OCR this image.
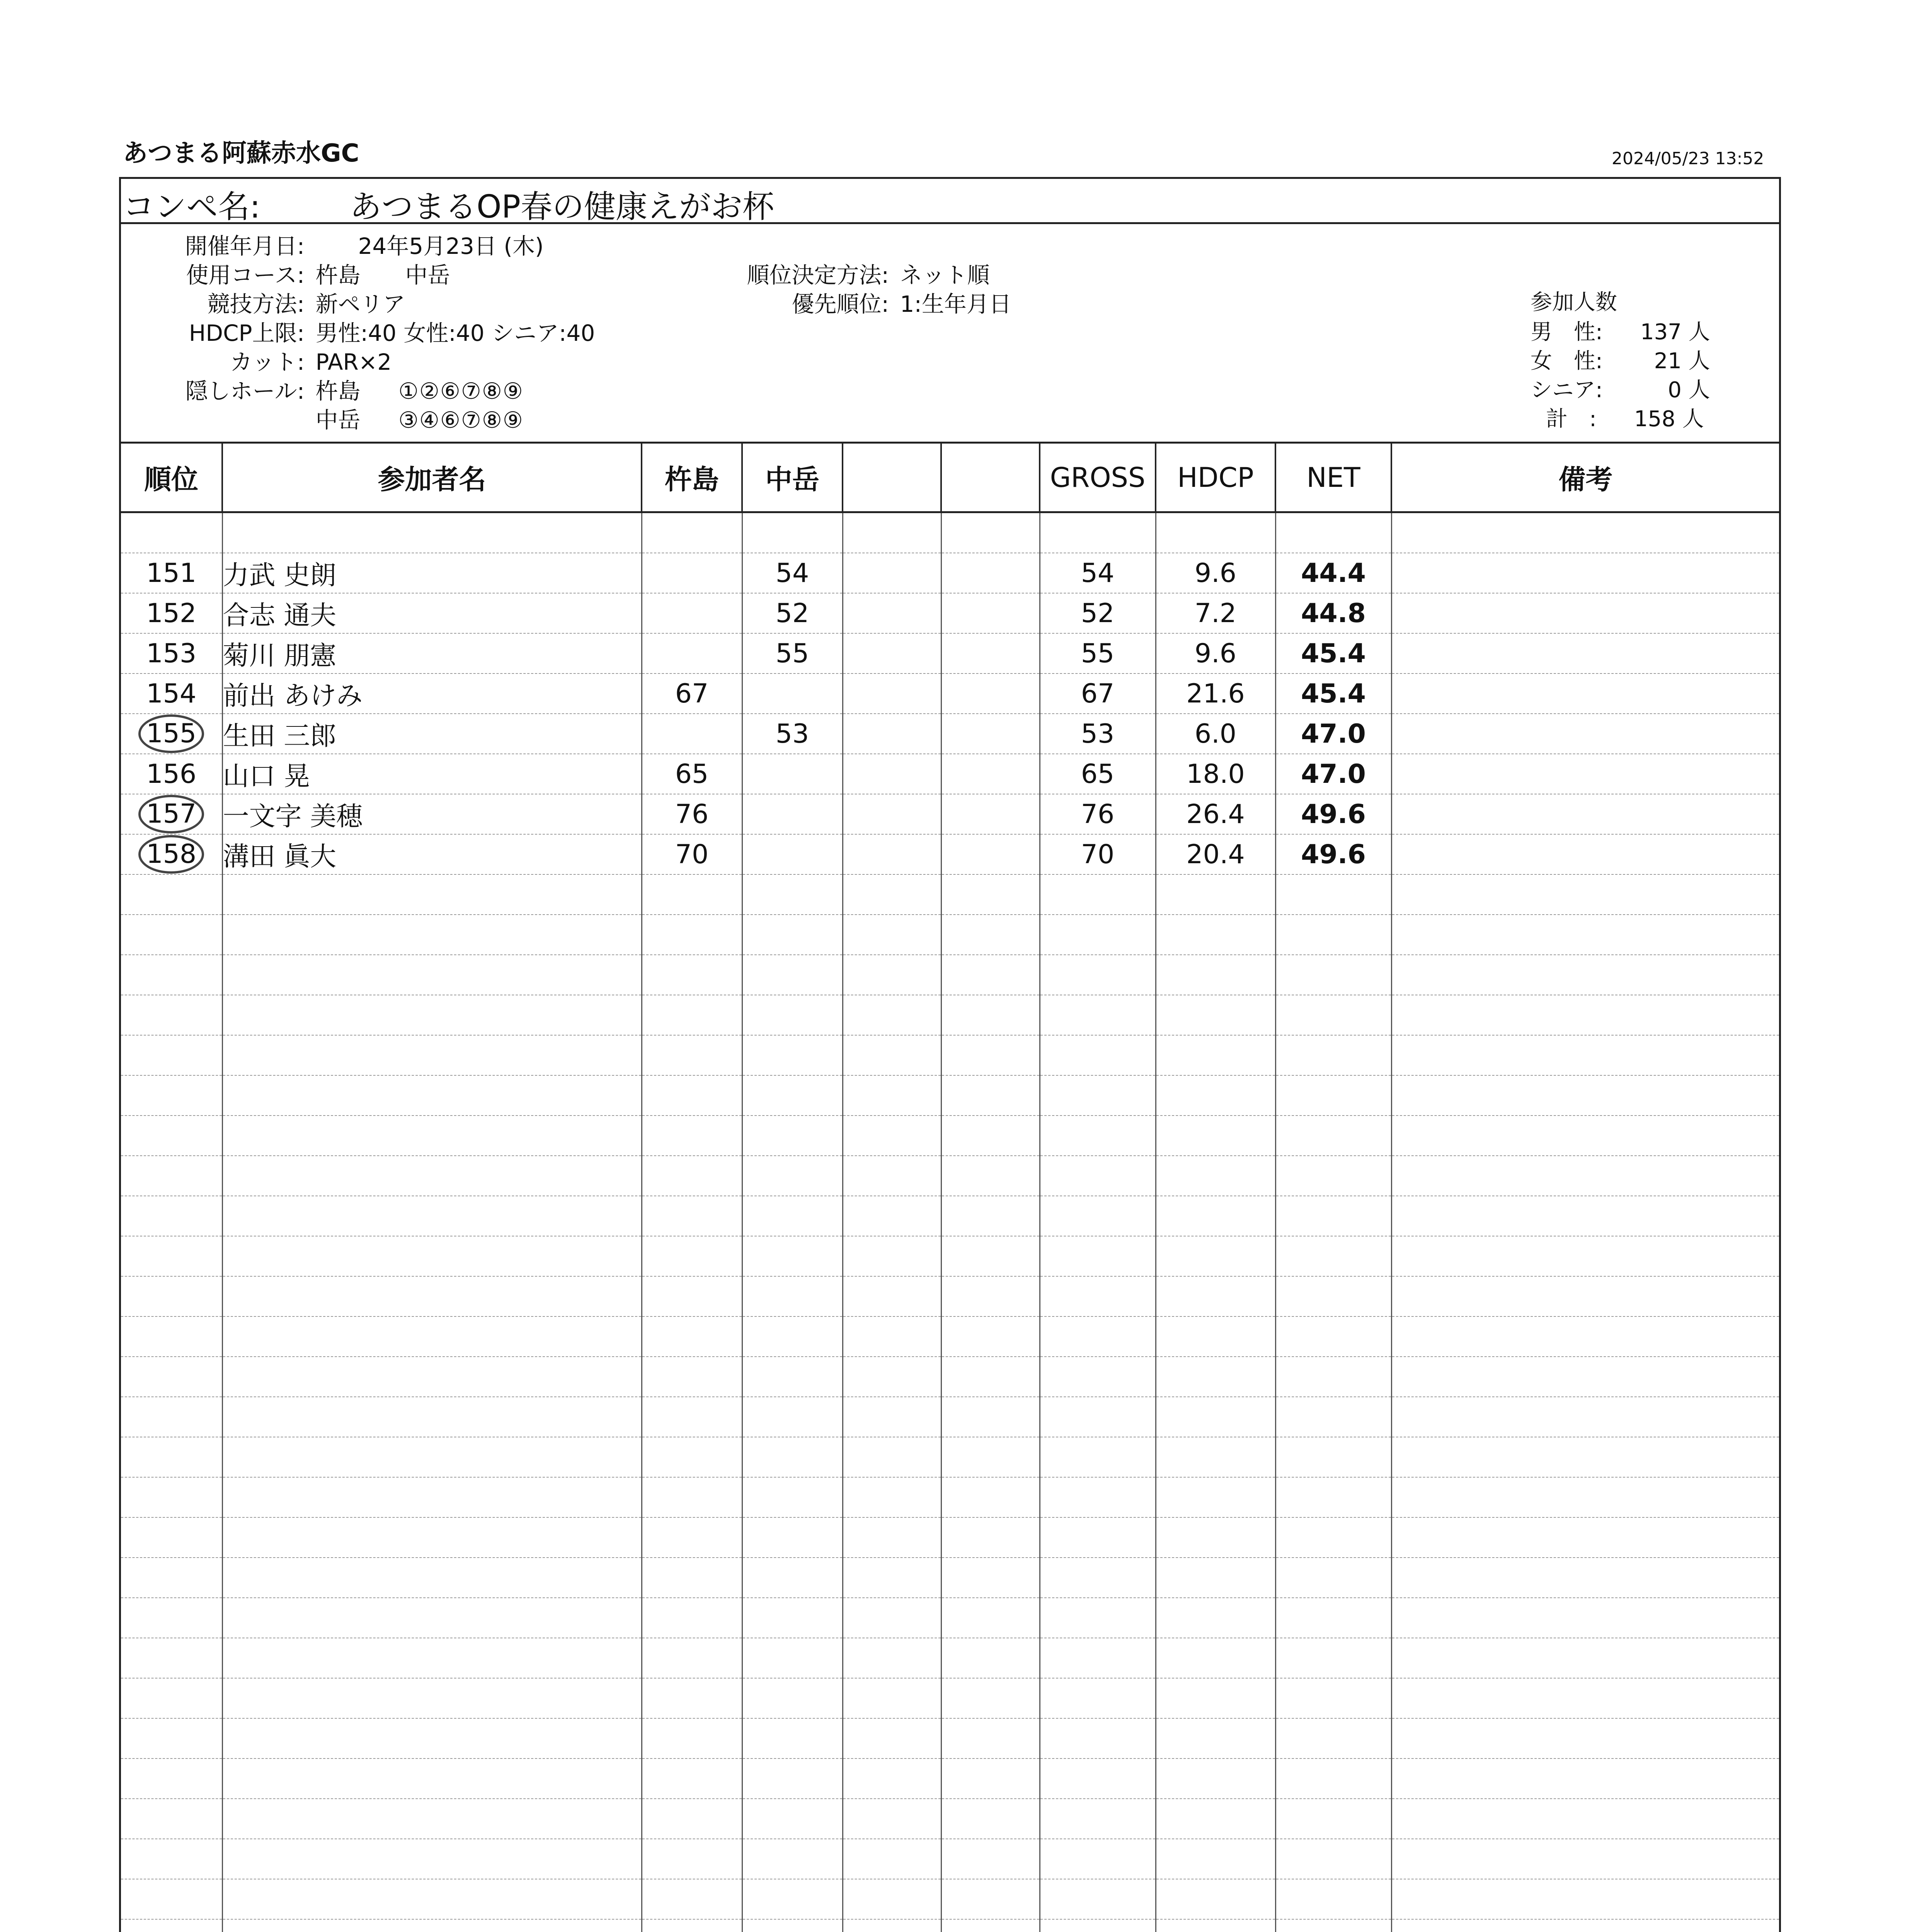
あつまる阿蘇赤水GC	2024/05/23 13:52
コンペ名:	あつまるOP春の健康えがお杯
開催年月日: 24年5月23日 (木)
使用コース: 杵島　　中岳
競技方法: 新ペリア
HDCP上限: 男性:40 女性:40 シニア:40
カット: PAR×2
隠しホール: 杵島 ①②⑥⑦⑧⑨
中岳 ③④⑥⑦⑧⑨
順位決定方法: ネット順
優先順位: 1:生年月日	参加人数
男　性: 137 人
女　性: 21 人
シニア:	0 人
計　: 158 人
順位	参加者名	杵島	中岳			GROSS	HDCP	NET	備考

151	力武 史朗		54			54	9.6	44.4	
152	合志 通夫		52			52	7.2	44.8	
153	菊川 朋憲		55			55	9.6	45.4	
154	前出 あけみ	67				67	21.6	45.4	
155	生田 三郎		53			53	6.0	47.0	
156	山口 晃	65				65	18.0	47.0	
157	一文字 美穂	76				76	26.4	49.6	
158	溝田 眞大	70				70	20.4	49.6	
